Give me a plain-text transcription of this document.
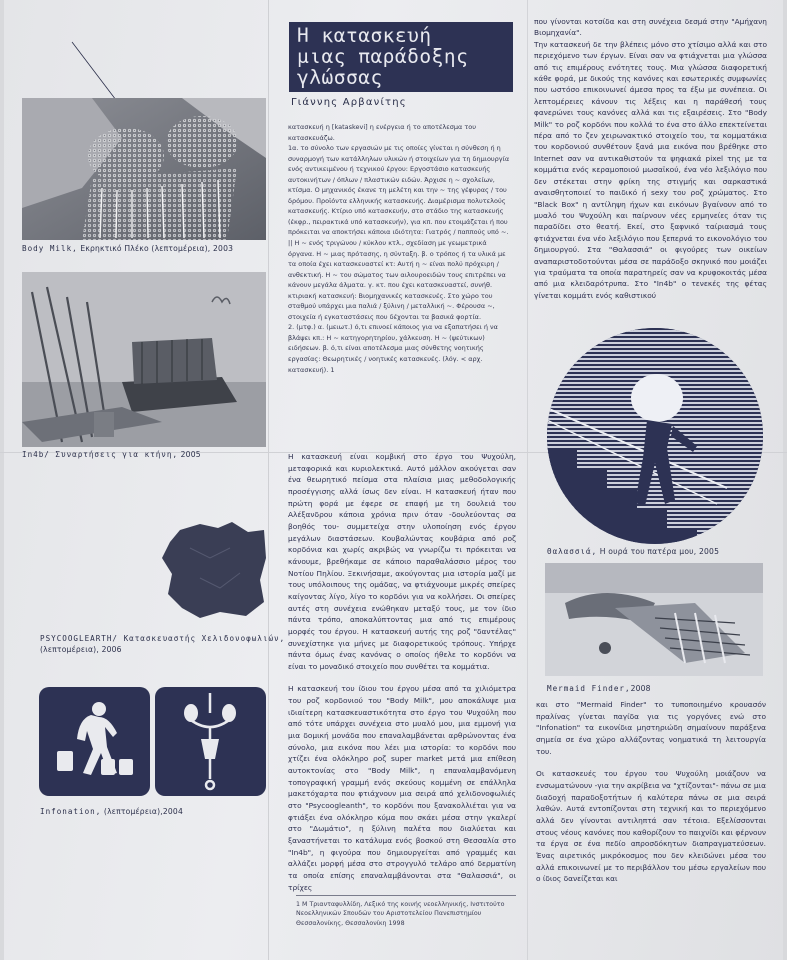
Body Milk, Εκρηκτικό Πλέκο (λεπτομέρεια), 2003
In4b/ Συναρτήσεις για κτήνη, 2005
PSYCOOGLEARTH/ Κατασκευαστής Χελιδονοφωλιών,
(λεπτομέρεια), 2006
Infonation, (λεπτομέρεια),2004
Η κατασκευή
μιας παράδοξης
γλώσσας
Γιάννης Αρβανίτης

κατασκευή η [kataskevi] η ενέργεια ή το αποτέλεσμα του κατασκευάζω.

1α. το σύνολο των εργασιών με τις οποίες γίνεται η σύνθεση ή η συναρμογή των κατάλληλων υλικών ή στοιχείων για τη δημιουργία ενός αντικειμένου ή τεχνικού έργου: Εργοστάσιο κατασκευής αυτοκινήτων / όπλων / πλαστικών ειδών. Άρχισε η ~ σχολείων, κτίσμα. Ο μηχανικός έκανε τη μελέτη και την ~ της γέφυρας / του δρόμου. Προϊόντα ελληνικής κατασκευής. Διαμέρισμα πολυτελούς κατασκευής. Κτίριο υπό κατασκευήν, στο στάδιο της κατασκευής (έκφρ., πειρακτικά υπό κατασκευήν), για κπ. που ετοιμάζεται ή που πρόκειται να αποκτήσει κάποια ιδιότητα: Γιατρός / παππούς υπό ~. || Η ~ ενός τριγώνου / κύκλου κτλ., σχεδίαση με γεωμετρικά όργανα. Η ~ μιας πρότασης, η σύνταξη. β. ο τρόπος ή τα υλικά με τα οποία έχει κατασκευαστεί κτ: Αυτή η ~ είναι πολύ πρόχειρη / ανθεκτική. Η ~ του σώματος των αιλουροειδών τους επιτρέπει να κάνουν μεγάλα άλματα. γ. κτ. που έχει κατασκευαστεί, συνήθ. κτιριακή κατασκευή: Βιομηχανικές κατασκευές. Στο χώρο του σταθμού υπάρχει μια παλιά / ξύλινη / μεταλλική ~. Φέρουσα ~, στοιχεία ή εγκαταστάσεις που δέχονται τα βασικά φορτία.

2. (μτφ.) α. (μειωτ.) ό,τι επινοεί κάποιος για να εξαπατήσει ή να βλάψει κπ.: Η ~ κατηγορητηρίου, χάλκευση. Η ~ (ψεύτικων) ειδήσεων. β. ό,τι είναι αποτέλεσμα μιας σύνθετης νοητικής εργασίας: Θεωρητικές / νοητικές κατασκευές. (λόγ. < αρχ. κατασκευή). 1

Η κατασκευή είναι κομβική στο έργο του Ψυχούλη, μεταφορικά και κυριολεκτικά. Αυτό μάλλον ακούγεται σαν ένα θεωρητικό πείσμα στα πλαίσια μιας μεθοδολογικής προσέγγισης αλλά ίσως δεν είναι. Η κατασκευή ήταν που πρώτη φορά με έφερε σε επαφή με τη δουλειά του Αλέξανδρου κάποια χρόνια πριν όταν -δουλεύοντας σα βοηθός του- συμμετείχα στην υλοποίηση ενός έργου μεγάλων διαστάσεων. Κουβαλώντας κουβάρια από ροζ κορδόνια και χωρίς ακριβώς να γνωρίζω τι πρόκειται να κάνουμε, βρεθήκαμε σε κάποιο παραθαλάσσιο μέρος του Νοτίου Πηλίου. Ξεκινήσαμε, ακούγοντας μια ιστορία μαζί με τους υπόλοιπους της ομάδας, να φτιάχνουμε μικρές σπείρες καίγοντας λίγο, λίγο το κορδόνι για να κολλήσει. Οι σπείρες αυτές στη συνέχεια ενώθηκαν μεταξύ τους, με τον ίδιο πάντα τρόπο, αποκαλύπτοντας μια από τις επιμέρους μορφές του έργου. Η κατασκευή αυτής της ροζ "δαντέλας" συνεχίστηκε για μήνες με διαφορετικούς τρόπους. Υπήρχε πάντα όμως ένας κανόνας ο οποίος ήθελε το κορδόνι να είναι το μοναδικό στοιχείο που συνθέτει τα κομμάτια.

Η κατασκευή του ίδιου του έργου μέσα από τα χιλιόμετρα του ροζ κορδονιού του "Body Milk", μου αποκάλυψε μια ιδιαίτερη κατασκευαστικότητα στο έργο του Ψυχούλη που από τότε υπάρχει συνέχεια στο μυαλό μου, μια εμμονή για μια δομική μονάδα που επαναλαμβάνεται αρθρώνοντας ένα σύνολο, μια εικόνα που λέει μια ιστορία: το κορδόνι που χτίζει ένα ολόκληρο ροζ super market μετά μια επίθεση αυτοκτονίας στο "Body Milk", η επαναλαμβανόμενη τοπογραφική γραμμή ενός σκεύους κομμένη σε επάλληλα μακετόχαρτα που φτιάχνουν μια σειρά από χελιδονοφωλιές στο "Psycoogleanth", το κορδόνι που ξανακολλιέται για να φτιάξει ένα ολόκληρο κύμα που σκάει μέσα στην γκαλερί στο "Δωμάτιο", η ξύλινη παλέτα που διαλύεται και ξαναστήνεται το κατάλυμα ενός βοσκού στη Θεσσαλία στο "In4b", η φιγούρα που δημιουργείται από γραμμές και αλλάζει μορφή μέσα στο στρογγυλό τελάρο από δερματίνη τα οποία επίσης επαναλαμβάνονται στα "Θαλασσιά", οι τρίχες

που γίνονται κοτσίδα και στη συνέχεια δεσμά στην "Αμήχανη Βιομηχανία".

Την κατασκευή δε την βλέπεις μόνο στο χτίσιμο αλλά και στο περιεχόμενο των έργων. Είναι σαν να φτιάχνεται μια γλώσσα από τις επιμέρους ενότητες τους. Μια γλώσσα διαφορετική κάθε φορά, με δικούς της κανόνες και εσωτερικές συμφωνίες που ωστόσο επικοινωνεί άμεσα προς τα έξω με συνέπεια. Οι λεπτομέρειες κάνουν τις λέξεις και η παράθεσή τους φανερώνει τους κανόνες αλλά και τις εξαιρέσεις. Στο "Body Milk" το ροζ κορδόνι που κολλά το ένα στο άλλο επεκτείνεται πέρα από το ζεν χειρωνακτικό στοιχείο του, τα κομματάκια του κορδονιού συνθέτουν ξανά μια εικόνα που βρέθηκε στο Internet σαν να αντικαθιστούν τα ψηφιακά pixel της με τα κομμάτια ενός κεραμοποιού μωσαϊκού, ένα νέο λεξιλόγιο που δεν στέκεται στην φρίκη της στιγμής και σαρκαστικά αναισθητοποιεί το παιδικό ή sexy του ροζ χρώματος. Στο "Black Box" η αντίληψη ήχων και εικόνων βγαίνουν από το μυαλό του Ψυχούλη και παίρνουν νέες ερμηνείες όταν τις παραδίδει στο θεατή. Εκεί, στο ξαφνικό ταίριασμά τους φτιάχνεται ένα νέο λεξιλόγιο που ξεπερνά το εικονολόγιο του δημιουργού. Στα "Θαλασσιά" οι φιγούρες των οικείων αναπαριστοδοτούνται μέσα σε παράδοξο σκηνικό που μοιάζει για τραύματα τα οποία παρατηρείς σαν να κρυφοκοιτάς μέσα από μια κλειδαρότρυπα. Στο "In4b" ο τενεκές της φέτας γίνεται κομμάτι ενός καθιστικού

Θαλασσιά, Η ουρά του πατέρα μου, 2005
Mermaid Finder,2008

και στο "Mermaid Finder" το τυποποιημένο κρουασόν πραλίνας γίνεται παγίδα για τις γοργόνες ενώ στο "Infonation" τα εικονίδια μηστηριώδη σημαίνουν παράξενα σημεία σε ένα χώρο αλλάζοντας νοηματικά τη λειτουργία του.

Οι κατασκευές του έργου του Ψυχούλη μοιάζουν να ενσωματώνουν -για την ακρίβεια να "χτίζονται"- πάνω σε μια διαδοχή παραδοξοτήτων ή καλύτερα πάνω σε μια σειρά λαθών. Αυτά εντοπίζονται στη τεχνική και το περιεχόμενο αλλά δεν γίνονται αντιληπτά σαν τέτοια. Εξελίσσονται στους νέους κανόνες που καθορίζουν το παιχνίδι και φέρνουν τα έργα σε ένα πεδίο απροσδόκητων διαπραγματεύσεων. Ένας αιρετικός μικρόκοσμος που δεν κλειδώνει μέσα του αλλά επικοινωνεί με το περιβάλλον του μέσω εργαλείων που ο ίδιος δανείζεται και

1 Μ Τριανταφυλλίδη, Λεξικό της κοινής νεοελληνικής, Ινστιτούτο Νεοελληνικών Σπουδών του Αριστοτελείου Πανεπιστημίου Θεσσαλονίκης, Θεσσαλονίκη 1998
